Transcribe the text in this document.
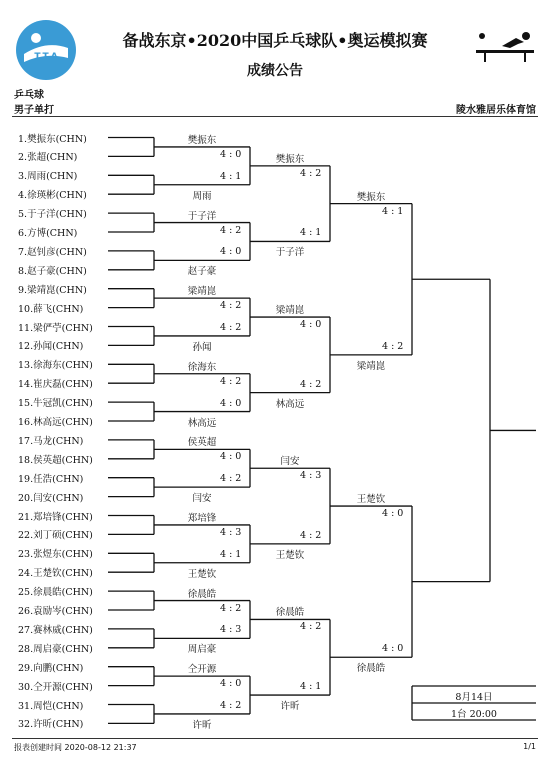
T.T.A
备战东京•2020中国乒乓球队•奥运模拟赛
成绩公告
乒乓球
男子单打	陵水雅居乐体育馆
1.樊振东(CHN)
2.张超(CHN)
3.周雨(CHN)
4.徐瑛彬(CHN)
5.于子洋(CHN)
6.方博(CHN)
7.赵钊彦(CHN)
8.赵子豪(CHN)
9.梁靖崑(CHN)
10.薛飞(CHN)
11.梁俨苧(CHN)
12.孙闻(CHN)
13.徐海东(CHN)
14.崔庆磊(CHN)
15.牛冠凯(CHN)
16.林高远(CHN)
17.马龙(CHN)
18.侯英超(CHN)
19.任浩(CHN)
20.闫安(CHN)
21.郑培锋(CHN)
22.刘丁硕(CHN)
23.张煜东(CHN)
24.王楚钦(CHN)
25.徐晨皓(CHN)
26.袁励岑(CHN)
27.赛林威(CHN)
28.周启豪(CHN)
29.向鹏(CHN)
30.仝开源(CHN)
31.周恺(CHN)
32.许昕(CHN)
樊振东
4 : 0
4 : 1
周雨
于子洋
4 : 2
4 : 0
赵子豪
梁靖崑
4 : 2
4 : 2
孙闻
徐海东
4 : 2
4 : 0
林高远
侯英超
4 : 0
4 : 2
闫安
郑培锋
4 : 3
4 : 1
王楚钦
徐晨皓
4 : 2
4 : 3
周启豪
仝开源
4 : 0
4 : 2
许昕
樊振东
4 : 2
4 : 1
于子洋
梁靖崑
4 : 0
4 : 2
林高远
闫安
4 : 3
4 : 2
王楚钦
徐晨皓
4 : 2
4 : 1
许昕
樊振东
4 : 1
4 : 2
梁靖崑
王楚钦
4 : 0
4 : 0
徐晨皓
8月14日
1台 20:00
报表创建时间 2020-08-12 21:37	1/1
